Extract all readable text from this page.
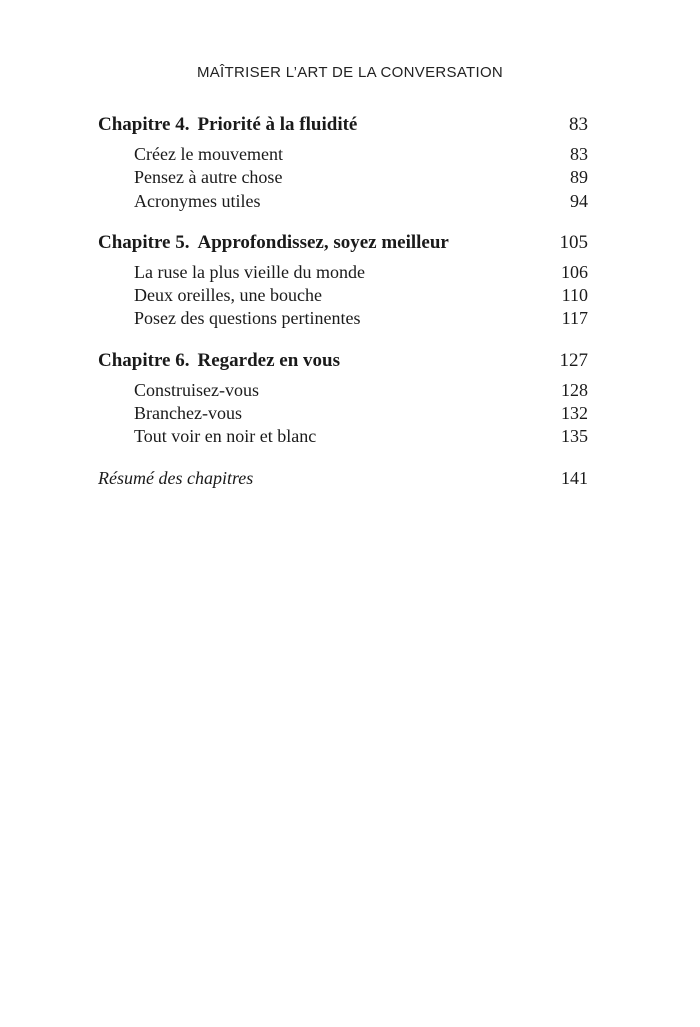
MAÎTRISER L’ART DE LA CONVERSATION
Chapitre 4. Priorité à la fluidité	83
Créez le mouvement	83
Pensez à autre chose	89
Acronymes utiles	94
Chapitre 5. Approfondissez, soyez meilleur	105
La ruse la plus vieille du monde	106
Deux oreilles, une bouche	110
Posez des questions pertinentes	117
Chapitre 6. Regardez en vous	127
Construisez-vous	128
Branchez-vous	132
Tout voir en noir et blanc	135
Résumé des chapitres	141
